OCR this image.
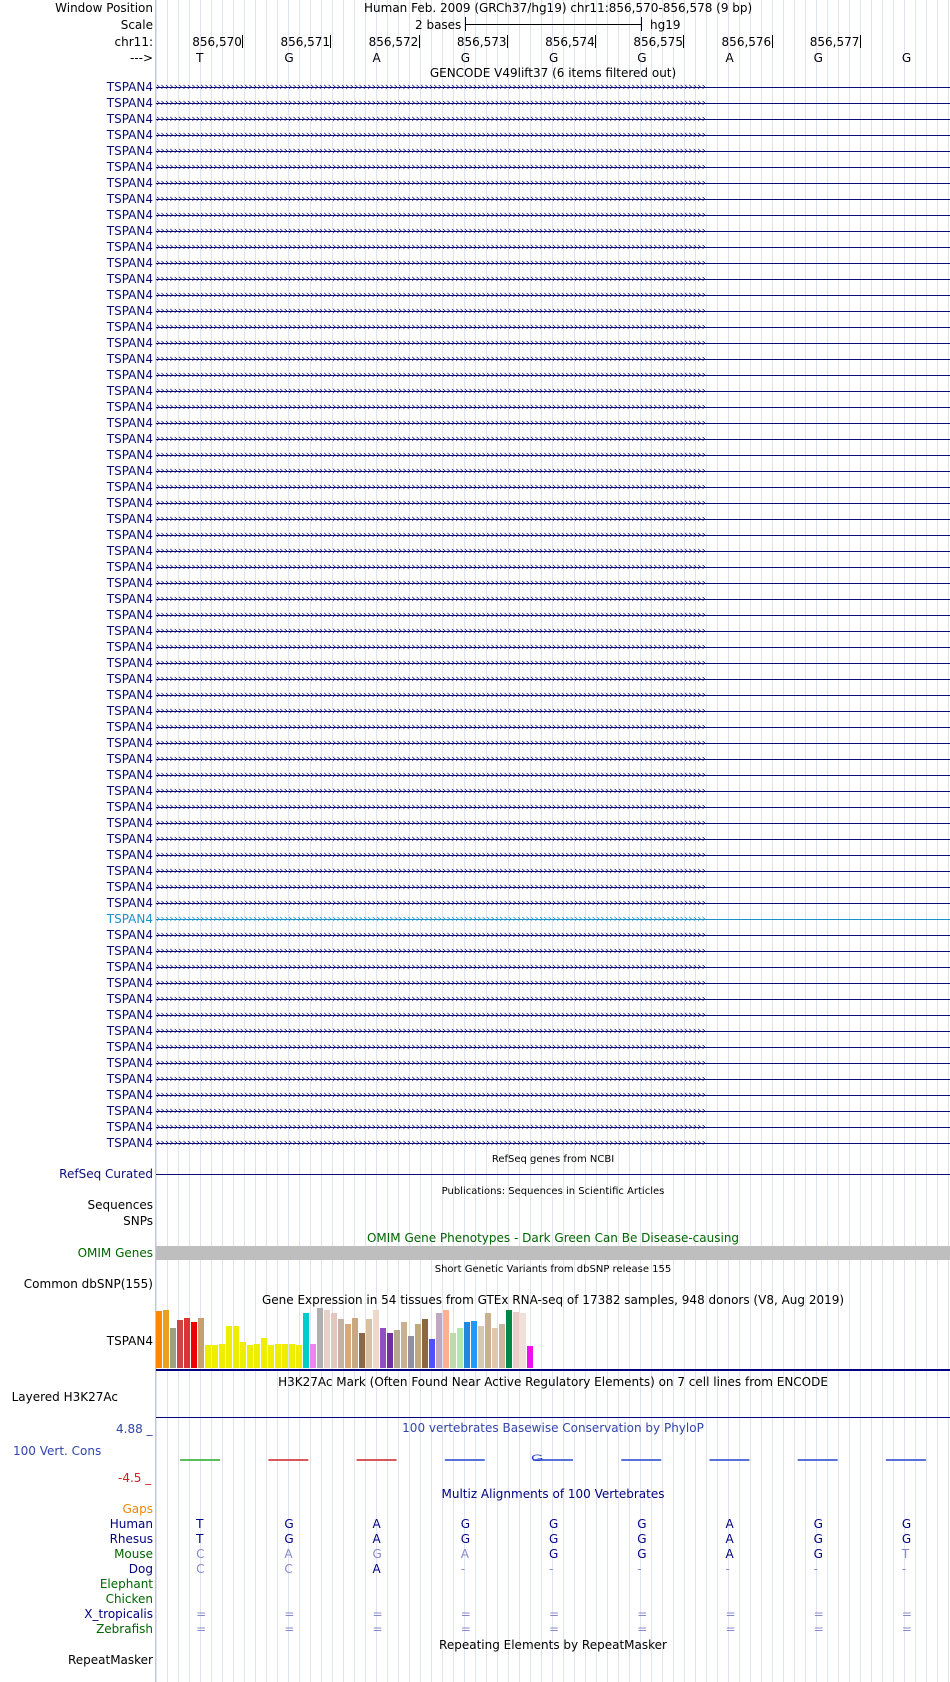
Window Position	Human Feb. 2009 (GRCh37/hg19) chr11:856,570-856,578 (9 bp)
Scale	2 bases	hg19
chr11:	856,570	856,571	856,572	856,573	856,574	856,575	856,576	856,577
--->	T	G	A	G	G	G	A	G	G
GENCODE V49lift37 (6 items filtered out)
TSPAN4 ›››››››››››››››››››››››››››››››››››››››››››››››››››››››››››››››››››››››››››››››››››››››››››››››››››››››››››››››››››››››››››››
TSPAN4 ›››››››››››››››››››››››››››››››››››››››››››››››››››››››››››››››››››››››››››››››››››››››››››››››››››››››››››››››››››››››››››››
TSPAN4 ›››››››››››››››››››››››››››››››››››››››››››››››››››››››››››››››››››››››››››››››››››››››››››››››››››››››››››››››››››››››››››››
TSPAN4 ›››››››››››››››››››››››››››››››››››››››››››››››››››››››››››››››››››››››››››››››››››››››››››››››››››››››››››››››››››››››››››››
TSPAN4 ›››››››››››››››››››››››››››››››››››››››››››››››››››››››››››››››››››››››››››››››››››››››››››››››››››››››››››››››››››››››››››››
TSPAN4 ›››››››››››››››››››››››››››››››››››››››››››››››››››››››››››››››››››››››››››››››››››››››››››››››››››››››››››››››››››››››››››››
TSPAN4 ›››››››››››››››››››››››››››››››››››››››››››››››››››››››››››››››››››››››››››››››››››››››››››››››››››››››››››››››››››››››››››››
TSPAN4 ›››››››››››››››››››››››››››››››››››››››››››››››››››››››››››››››››››››››››››››››››››››››››››››››››››››››››››››››››››››››››››››
TSPAN4 ›››››››››››››››››››››››››››››››››››››››››››››››››››››››››››››››››››››››››››››››››››››››››››››››››››››››››››››››››››››››››››››
TSPAN4 ›››››››››››››››››››››››››››››››››››››››››››››››››››››››››››››››››››››››››››››››››››››››››››››››››››››››››››››››››››››››››››››
TSPAN4 ›››››››››››››››››››››››››››››››››››››››››››››››››››››››››››››››››››››››››››››››››››››››››››››››››››››››››››››››››››››››››››››
TSPAN4 ›››››››››››››››››››››››››››››››››››››››››››››››››››››››››››››››››››››››››››››››››››››››››››››››››››››››››››››››››››››››››››››
TSPAN4 ›››››››››››››››››››››››››››››››››››››››››››››››››››››››››››››››››››››››››››››››››››››››››››››››››››››››››››››››››››››››››››››
TSPAN4 ›››››››››››››››››››››››››››››››››››››››››››››››››››››››››››››››››››››››››››››››››››››››››››››››››››››››››››››››››››››››››››››
TSPAN4 ›››››››››››››››››››››››››››››››››››››››››››››››››››››››››››››››››››››››››››››››››››››››››››››››››››››››››››››››››››››››››››››
TSPAN4 ›››››››››››››››››››››››››››››››››››››››››››››››››››››››››››››››››››››››››››››››››››››››››››››››››››››››››››››››››››››››››››››
TSPAN4 ›››››››››››››››››››››››››››››››››››››››››››››››››››››››››››››››››››››››››››››››››››››››››››››››››››››››››››››››››››››››››››››
TSPAN4 ›››››››››››››››››››››››››››››››››››››››››››››››››››››››››››››››››››››››››››››››››››››››››››››››››››››››››››››››››››››››››››››
TSPAN4 ›››››››››››››››››››››››››››››››››››››››››››››››››››››››››››››››››››››››››››››››››››››››››››››››››››››››››››››››››››››››››››››
TSPAN4 ›››››››››››››››››››››››››››››››››››››››››››››››››››››››››››››››››››››››››››››››››››››››››››››››››››››››››››››››››››››››››››››
TSPAN4 ›››››››››››››››››››››››››››››››››››››››››››››››››››››››››››››››››››››››››››››››››››››››››››››››››››››››››››››››››››››››››››››
TSPAN4 ›››››››››››››››››››››››››››››››››››››››››››››››››››››››››››››››››››››››››››››››››››››››››››››››››››››››››››››››››››››››››››››
TSPAN4 ›››››››››››››››››››››››››››››››››››››››››››››››››››››››››››››››››››››››››››››››››››››››››››››››››››››››››››››››››››››››››››››
TSPAN4 ›››››››››››››››››››››››››››››››››››››››››››››››››››››››››››››››››››››››››››››››››››››››››››››››››››››››››››››››››››››››››››››
TSPAN4 ›››››››››››››››››››››››››››››››››››››››››››››››››››››››››››››››››››››››››››››››››››››››››››››››››››››››››››››››››››››››››››››
TSPAN4 ›››››››››››››››››››››››››››››››››››››››››››››››››››››››››››››››››››››››››››››››››››››››››››››››››››››››››››››››››››››››››››››
TSPAN4 ›››››››››››››››››››››››››››››››››››››››››››››››››››››››››››››››››››››››››››››››››››››››››››››››››››››››››››››››››››››››››››››
TSPAN4 ›››››››››››››››››››››››››››››››››››››››››››››››››››››››››››››››››››››››››››››››››››››››››››››››››››››››››››››››››››››››››››››
TSPAN4 ›››››››››››››››››››››››››››››››››››››››››››››››››››››››››››››››››››››››››››››››››››››››››››››››››››››››››››››››››››››››››››››
TSPAN4 ›››››››››››››››››››››››››››››››››››››››››››››››››››››››››››››››››››››››››››››››››››››››››››››››››››››››››››››››››››››››››››››
TSPAN4 ›››››››››››››››››››››››››››››››››››››››››››››››››››››››››››››››››››››››››››››››››››››››››››››››››››››››››››››››››››››››››››››
TSPAN4 ›››››››››››››››››››››››››››››››››››››››››››››››››››››››››››››››››››››››››››››››››››››››››››››››››››››››››››››››››››››››››››››
TSPAN4 ›››››››››››››››››››››››››››››››››››››››››››››››››››››››››››››››››››››››››››››››››››››››››››››››››››››››››››››››››››››››››››››
TSPAN4 ›››››››››››››››››››››››››››››››››››››››››››››››››››››››››››››››››››››››››››››››››››››››››››››››››››››››››››››››››››››››››››››
TSPAN4 ›››››››››››››››››››››››››››››››››››››››››››››››››››››››››››››››››››››››››››››››››››››››››››››››››››››››››››››››››››››››››››››
TSPAN4 ›››››››››››››››››››››››››››››››››››››››››››››››››››››››››››››››››››››››››››››››››››››››››››››››››››››››››››››››››››››››››››››
TSPAN4 ›››››››››››››››››››››››››››››››››››››››››››››››››››››››››››››››››››››››››››››››››››››››››››››››››››››››››››››››››››››››››››››
TSPAN4 ›››››››››››››››››››››››››››››››››››››››››››››››››››››››››››››››››››››››››››››››››››››››››››››››››››››››››››››››››››››››››››››
TSPAN4 ›››››››››››››››››››››››››››››››››››››››››››››››››››››››››››››››››››››››››››››››››››››››››››››››››››››››››››››››››››››››››››››
TSPAN4 ›››››››››››››››››››››››››››››››››››››››››››››››››››››››››››››››››››››››››››››››››››››››››››››››››››››››››››››››››››››››››››››
TSPAN4 ›››››››››››››››››››››››››››››››››››››››››››››››››››››››››››››››››››››››››››››››››››››››››››››››››››››››››››››››››››››››››››››
TSPAN4 ›››››››››››››››››››››››››››››››››››››››››››››››››››››››››››››››››››››››››››››››››››››››››››››››››››››››››››››››››››››››››››››
TSPAN4 ›››››››››››››››››››››››››››››››››››››››››››››››››››››››››››››››››››››››››››››››››››››››››››››››››››››››››››››››››››››››››››››
TSPAN4 ›››››››››››››››››››››››››››››››››››››››››››››››››››››››››››››››››››››››››››››››››››››››››››››››››››››››››››››››››››››››››››››
TSPAN4 ›››››››››››››››››››››››››››››››››››››››››››››››››››››››››››››››››››››››››››››››››››››››››››››››››››››››››››››››››››››››››››››
TSPAN4 ›››››››››››››››››››››››››››››››››››››››››››››››››››››››››››››››››››››››››››››››››››››››››››››››››››››››››››››››››››››››››››››
TSPAN4 ›››››››››››››››››››››››››››››››››››››››››››››››››››››››››››››››››››››››››››››››››››››››››››››››››››››››››››››››››››››››››››››
TSPAN4 ›››››››››››››››››››››››››››››››››››››››››››››››››››››››››››››››››››››››››››››››››››››››››››››››››››››››››››››››››››››››››››››
TSPAN4 ›››››››››››››››››››››››››››››››››››››››››››››››››››››››››››››››››››››››››››››››››››››››››››››››››››››››››››››››››››››››››››››
TSPAN4 ›››››››››››››››››››››››››››››››››››››››››››››››››››››››››››››››››››››››››››››››››››››››››››››››››››››››››››››››››››››››››››››
TSPAN4 ›››››››››››››››››››››››››››››››››››››››››››››››››››››››››››››››››››››››››››››››››››››››››››››››››››››››››››››››››››››››››››››
TSPAN4 ›››››››››››››››››››››››››››››››››››››››››››››››››››››››››››››››››››››››››››››››››››››››››››››››››››››››››››››››››››››››››››››
TSPAN4 ›››››››››››››››››››››››››››››››››››››››››››››››››››››››››››››››››››››››››››››››››››››››››››››››››››››››››››››››››››››››››››››
TSPAN4 ›››››››››››››››››››››››››››››››››››››››››››››››››››››››››››››››››››››››››››››››››››››››››››››››››››››››››››››››››››››››››››››
TSPAN4 ›››››››››››››››››››››››››››››››››››››››››››››››››››››››››››››››››››››››››››››››››››››››››››››››››››››››››››››››››››››››››››››
TSPAN4 ›››››››››››››››››››››››››››››››››››››››››››››››››››››››››››››››››››››››››››››››››››››››››››››››››››››››››››››››››››››››››››››
TSPAN4 ›››››››››››››››››››››››››››››››››››››››››››››››››››››››››››››››››››››››››››››››››››››››››››››››››››››››››››››››››››››››››››››
TSPAN4 ›››››››››››››››››››››››››››››››››››››››››››››››››››››››››››››››››››››››››››››››››››››››››››››››››››››››››››››››››››››››››››››
TSPAN4 ›››››››››››››››››››››››››››››››››››››››››››››››››››››››››››››››››››››››››››››››››››››››››››››››››››››››››››››››››››››››››››››
TSPAN4 ›››››››››››››››››››››››››››››››››››››››››››››››››››››››››››››››››››››››››››››››››››››››››››››››››››››››››››››››››››››››››››››
TSPAN4 ›››››››››››››››››››››››››››››››››››››››››››››››››››››››››››››››››››››››››››››››››››››››››››››››››››››››››››››››››››››››››››››
TSPAN4 ›››››››››››››››››››››››››››››››››››››››››››››››››››››››››››››››››››››››››››››››››››››››››››››››››››››››››››››››››››››››››››››
TSPAN4 ›››››››››››››››››››››››››››››››››››››››››››››››››››››››››››››››››››››››››››››››››››››››››››››››››››››››››››››››››››››››››››››
TSPAN4 ›››››››››››››››››››››››››››››››››››››››››››››››››››››››››››››››››››››››››››››››››››››››››››››››››››››››››››››››››››››››››››››
TSPAN4 ›››››››››››››››››››››››››››››››››››››››››››››››››››››››››››››››››››››››››››››››››››››››››››››››››››››››››››››››››››››››››››››
TSPAN4 ›››››››››››››››››››››››››››››››››››››››››››››››››››››››››››››››››››››››››››››››››››››››››››››››››››››››››››››››››››››››››››››
TSPAN4 ›››››››››››››››››››››››››››››››››››››››››››››››››››››››››››››››››››››››››››››››››››››››››››››››››››››››››››››››››››››››››››››
RefSeq genes from NCBI
RefSeq Curated
Publications: Sequences in Scientific Articles
Sequences
SNPs
OMIM Gene Phenotypes - Dark Green Can Be Disease-causing
OMIM Genes
Short Genetic Variants from dbSNP release 155
Common dbSNP(155)
Gene Expression in 54 tissues from GTEx RNA-seq of 17382 samples, 948 donors (V8, Aug 2019)
TSPAN4
H3K27Ac Mark (Often Found Near Active Regulatory Elements) on 7 cell lines from ENCODE
Layered H3K27Ac
100 vertebrates Basewise Conservation by PhyloP
4.88 _
100 Vert. Cons
-4.5 _
G
Multiz Alignments of 100 Vertebrates
Gaps
Human	T	G	A	G	G	G	A	G	G
Rhesus	T	G	A	G	G	G	A	G	G
Mouse	C	A	G	A	G	G	A	G	T
Dog	C	C	A	-	-	-	-	-	-
Elephant
Chicken
X_tropicalis	=	=	=	=	=	=	=	=	=
Zebrafish	=	=	=	=	=	=	=	=	=
Repeating Elements by RepeatMasker
RepeatMasker
